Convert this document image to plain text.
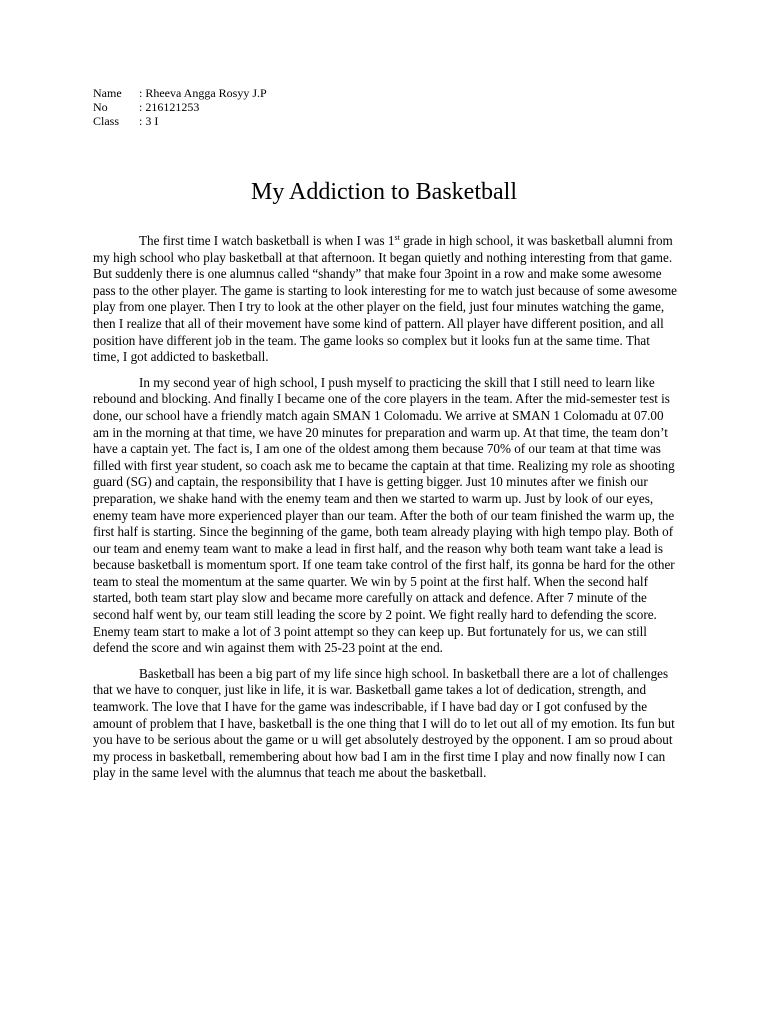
Name	: Rheeva Angga Rosyy J.P
No	: 216121253
Class	: 3 I
My Addiction to Basketball

The first time I watch basketball is when I was 1st grade in high school, it was basketball alumni from my high school who play basketball at that afternoon. It began quietly and nothing interesting from that game. But suddenly there is one alumnus called “shandy” that make four 3point in a row and make some awesome pass to the other player. The game is starting to look interesting for me to watch just because of some awesome play from one player. Then I try to look at the other player on the field, just four minutes watching the game, then I realize that all of their movement have some kind of pattern. All player have different position, and all position have different job in the team. The game looks so complex but it looks fun at the same time. That time, I got addicted to basketball.

In my second year of high school, I push myself to practicing the skill that I still need to learn like rebound and blocking. And finally I became one of the core players in the team. After the mid-semester test is done, our school have a friendly match again SMAN 1 Colomadu. We arrive at SMAN 1 Colomadu at 07.00 am in the morning at that time, we have 20 minutes for preparation and warm up. At that time, the team don’t have a captain yet. The fact is, I am one of the oldest among them because 70% of our team at that time was filled with first year student, so coach ask me to became the captain at that time. Realizing my role as shooting guard (SG) and captain, the responsibility that I have is getting bigger. Just 10 minutes after we finish our preparation, we shake hand with the enemy team and then we started to warm up. Just by look of our eyes, enemy team have more experienced player than our team. After the both of our team finished the warm up, the first half is starting. Since the beginning of the game, both team already playing with high tempo play. Both of our team and enemy team want to make a lead in first half, and the reason why both team want take a lead is because basketball is momentum sport. If one team take control of the first half, its gonna be hard for the other team to steal the momentum at the same quarter. We win by 5 point at the first half. When the second half started, both team start play slow and became more carefully on attack and defence. After 7 minute of the second half went by, our team still leading the score by 2 point. We fight really hard to defending the score. Enemy team start to make a lot of 3 point attempt so they can keep up. But fortunately for us, we can still defend the score and win against them with 25-23 point at the end.

Basketball has been a big part of my life since high school. In basketball there are a lot of challenges that we have to conquer, just like in life, it is war. Basketball game takes a lot of dedication, strength, and teamwork. The love that I have for the game was indescribable, if I have bad day or I got confused by the amount of problem that I have, basketball is the one thing that I will do to let out all of my emotion. Its fun but you have to be serious about the game or u will get absolutely destroyed by the opponent. I am so proud about my process in basketball, remembering about how bad I am in the first time I play and now finally now I can play in the same level with the alumnus that teach me about the basketball.
